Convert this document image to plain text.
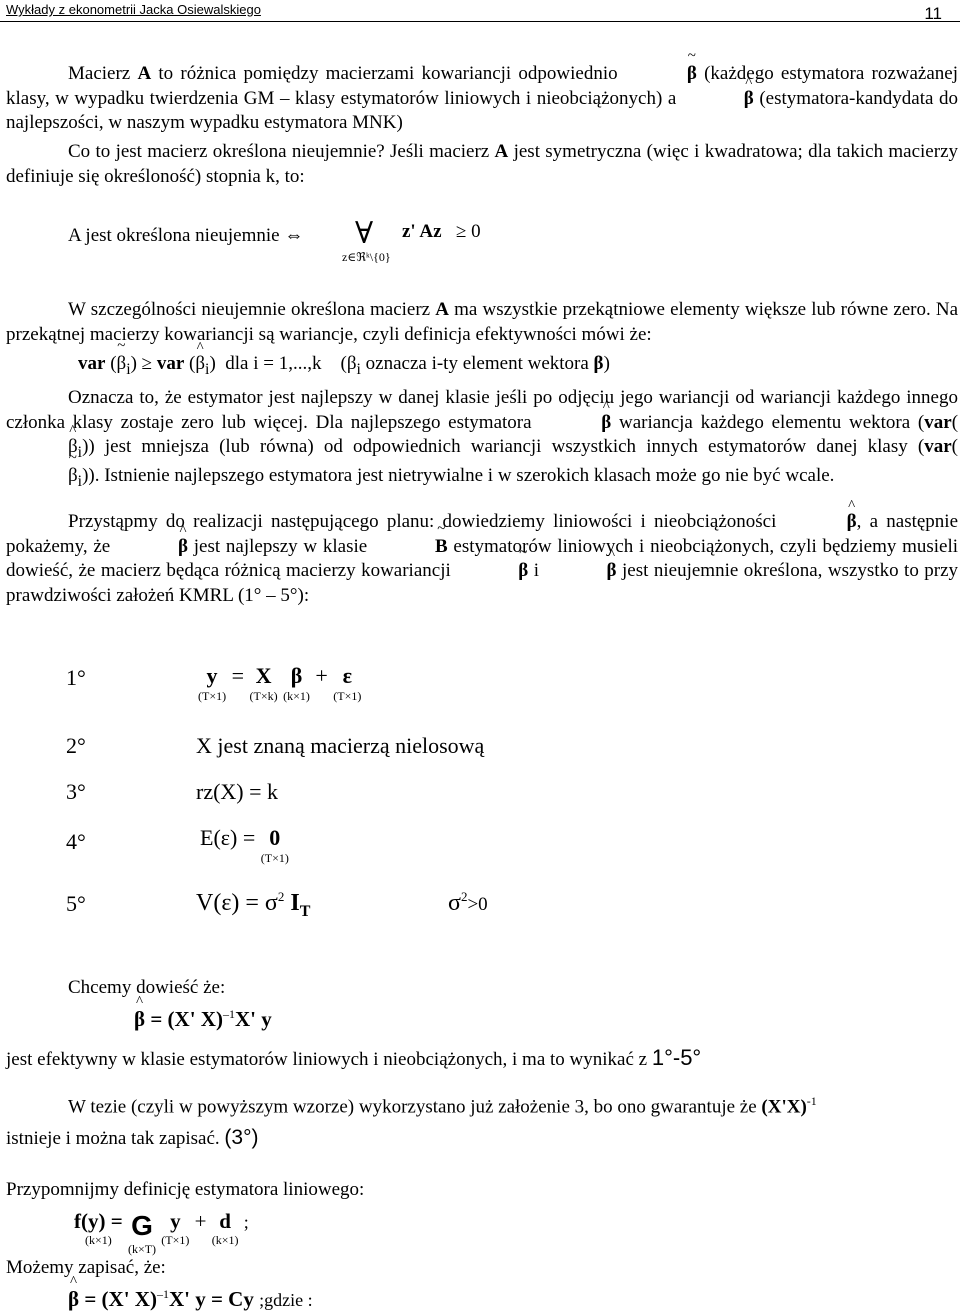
Wykłady z ekonometrii Jacka Osiewalskiego	11
Macierz A to różnica pomiędzy macierzami kowariancji odpowiednio	~ β (każdego estymatora rozważanej klasy, w wypadku twierdzenia GM – klasy estymatorów liniowych i nieobciążonych) a	^ β (estymatora-kandydata do najlepszości, w naszym wypadku estymatora MNK)
Co to jest macierz określona nieujemnie? Jeśli macierz A jest symetryczna (więc i kwadratowa; dla takich macierzy definiuje się określoność) stopnia k, to:
A jest określona nieujemnie ⇔ ∀
z∈ℜᵏ\{0}
z' Az ≥ 0
W szczególności nieujemnie określona macierz A ma wszystkie przekątniowe elementy większe lub równe zero. Na przekątnej macierzy kowariancji są wariancje, czyli definicja efektywności mówi że:
var (~ $\beta_i$) ≥ var (^ $\beta_i$)  dla i = 1,...,k ($\beta_i$ oznacza i-ty element wektora β)
Oznacza to, że estymator jest najlepszy w danej klasie jeśli po odjęciu jego wariancji od wariancji każdego innego członka klasy zostaje zero lub więcej. Dla najlepszego estymatora	^ β wariancja każdego elementu wektora (var(^ $\beta_i$)) jest mniejsza (lub równa) od odpowiednich wariancji wszystkich innych estymatorów danej klasy (var(~ $\beta_i$)). Istnienie najlepszego estymatora jest nietrywialne i w szerokich klasach może go nie być wcale.
Przystąpmy do realizacji następującego planu: dowiedziemy liniowości i nieobciążoności	^ β, a następnie pokażemy, że	^ β jest najlepszy w klasie	~ B estymatorów liniowych i nieobciążonych, czyli będziemy musieli dowieść, że macierz będąca różnicą macierzy kowariancji	~ β i	^ β jest nieujemnie określona, wszystko to przy prawdziwości założeń KMRL (1° – 5°):
1°	y
(T×1)
= X
(T×k)
β
(k×1)
+ ε
(T×1)
2°	X jest znaną macierzą nielosową
3°	rz(X) = k
4°	E(ε) = 0
(T×1)
5°	$V(\varepsilon) = \sigma^2$ $I_T$	$\sigma^2>0$
Chcemy dowieść że:
^ β = (X' X)$^{-1}$X' y
jest efektywny w klasie estymatorów liniowych i nieobciążonych, i ma to wynikać z 1°-5°
W tezie (czyli w powyższym wzorze) wykorzystano już założenie 3, bo ono gwarantuje że $(X'X)^{-1}$
istnieje i można tak zapisać. (3°)
Przypomnijmy definicję estymatora liniowego:
f(y) =
(k×1) G
(k×T)
y
(T×1)
+ d
(k×1)
;
Możemy zapisać, że:
^ β = (X' X)$^{-1}$X' y = Cy ;gdzie :
